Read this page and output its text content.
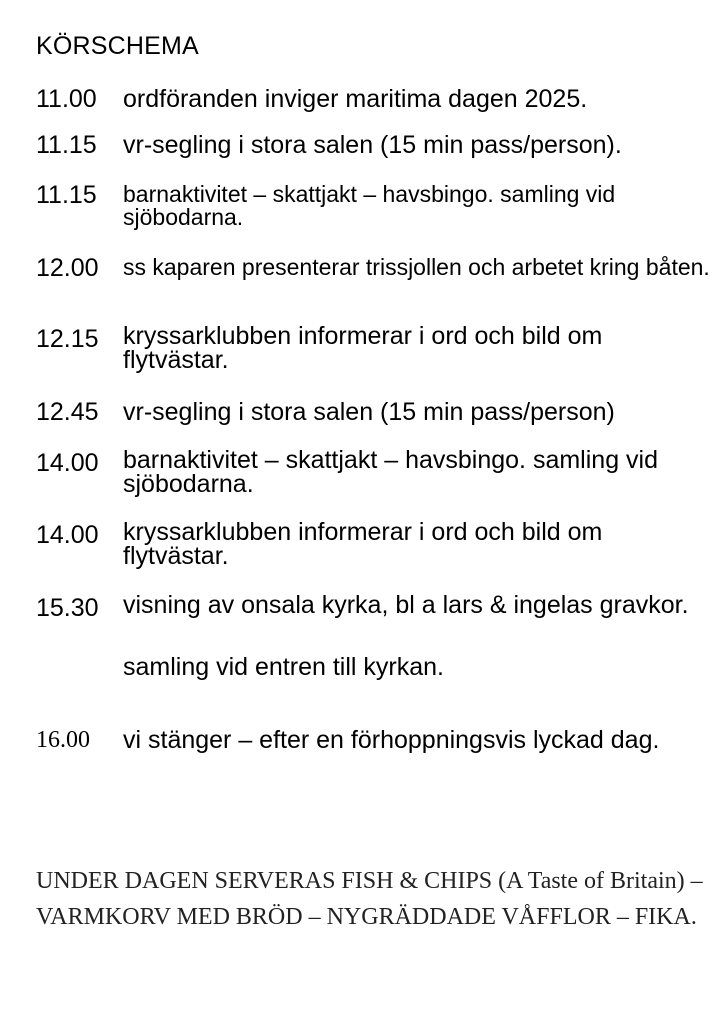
KÖRSCHEMA
11.00 ordföranden inviger maritima dagen 2025.
11.15 vr-segling i stora salen (15 min pass/person).
11.15 barnaktivitet – skattjakt – havsbingo. samling vid sjöbodarna.
12.00 ss kaparen presenterar trissjollen och arbetet kring båten.
12.15 kryssarklubben informerar i ord och bild om flytvästar.
12.45 vr-segling i stora salen (15 min pass/person)
14.00 barnaktivitet – skattjakt – havsbingo. samling vid sjöbodarna.
14.00 kryssarklubben informerar i ord och bild om flytvästar.
15.30 visning av onsala kyrka, bl a lars & ingelas gravkor.
samling vid entren till kyrkan.
16.00 vi stänger – efter en förhoppningsvis lyckad dag.
UNDER DAGEN SERVERAS FISH & CHIPS (A Taste of Britain) – VARMKORV MED BRÖD – NYGRÄDDADE VÅFFLOR – FIKA.
